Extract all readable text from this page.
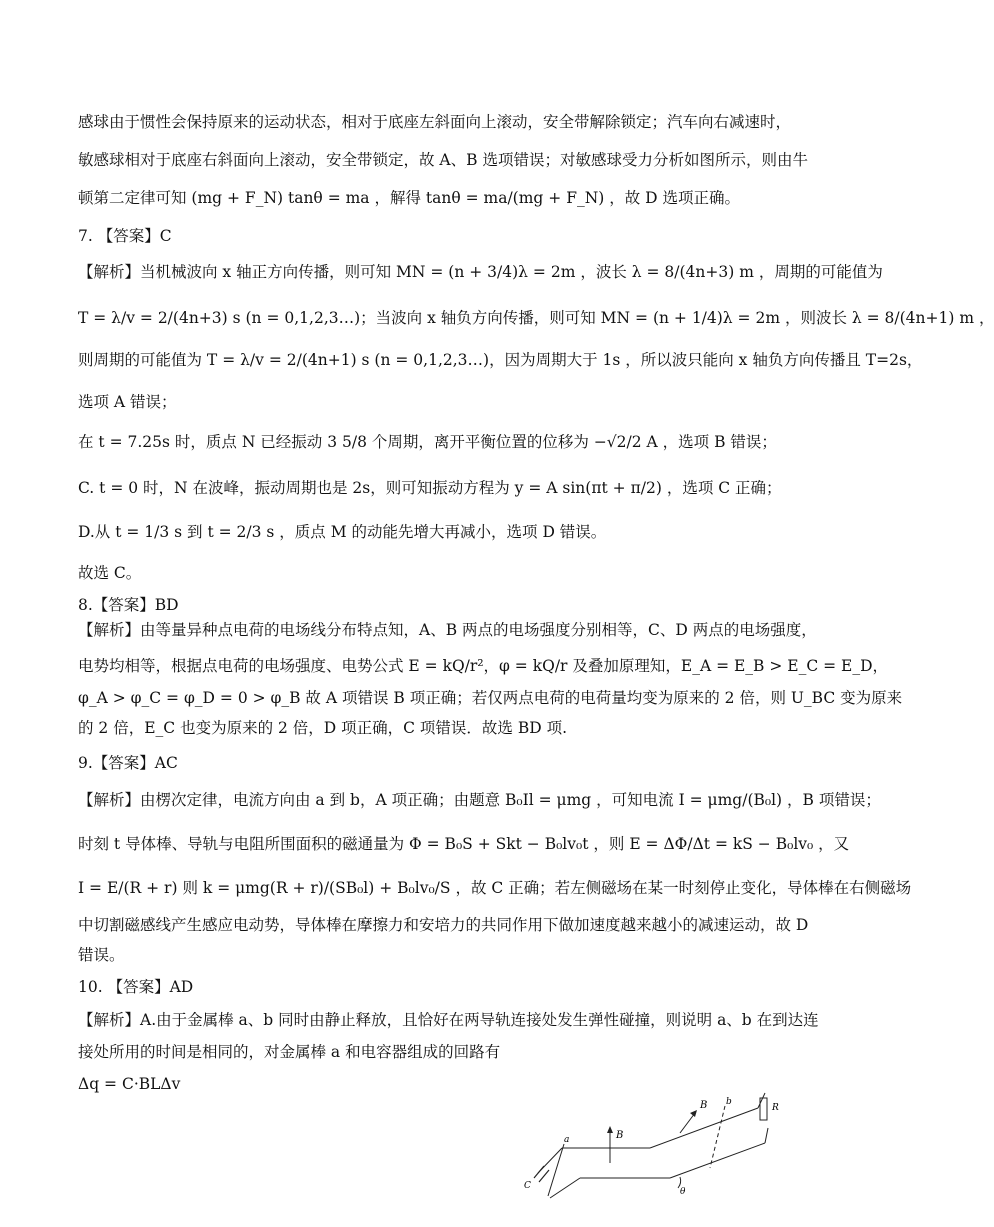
感球由于惯性会保持原来的运动状态，相对于底座左斜面向上滚动，安全带解除锁定；汽车向右减速时，
敏感球相对于底座右斜面向上滚动，安全带锁定，故 A、B 选项错误；对敏感球受力分析如图所示，则由牛
顿第二定律可知 (mg + F_N) tanθ = ma ，解得 tanθ = ma/(mg + F_N) ，故 D 选项正确。
7. 【答案】C
【解析】当机械波向 x 轴正方向传播，则可知 MN = (n + 3/4)λ = 2m ，波长 λ = 8/(4n+3) m ，周期的可能值为
T = λ/v = 2/(4n+3) s (n = 0,1,2,3…)；当波向 x 轴负方向传播，则可知 MN = (n + 1/4)λ = 2m ，则波长 λ = 8/(4n+1) m ，
则周期的可能值为 T = λ/v = 2/(4n+1) s (n = 0,1,2,3…)，因为周期大于 1s ，所以波只能向 x 轴负方向传播且 T=2s，
选项 A 错误；
在 t = 7.25s 时，质点 N 已经振动 3 5/8 个周期，离开平衡位置的位移为 −√2/2 A ，选项 B 错误；
C. t = 0 时，N 在波峰，振动周期也是 2s，则可知振动方程为 y = A sin(πt + π/2) ，选项 C 正确；
D.从 t = 1/3 s 到 t = 2/3 s ，质点 M 的动能先增大再减小，选项 D 错误。
故选 C。
8.【答案】BD
【解析】由等量异种点电荷的电场线分布特点知，A、B 两点的电场强度分别相等，C、D 两点的电场强度，
电势均相等，根据点电荷的电场强度、电势公式 E = kQ/r²，φ = kQ/r 及叠加原理知，E_A = E_B > E_C = E_D，
φ_A > φ_C = φ_D = 0 > φ_B 故 A 项错误 B 项正确；若仅两点电荷的电荷量均变为原来的 2 倍，则 U_BC 变为原来
的 2 倍，E_C 也变为原来的 2 倍，D 项正确，C 项错误．故选 BD 项.
9.【答案】AC
【解析】由楞次定律，电流方向由 a 到 b，A 项正确；由题意 B₀Il = μmg ，可知电流 I = μmg/(B₀l) ，B 项错误；
时刻 t 导体棒、导轨与电阻所围面积的磁通量为 Φ = B₀S + Skt − B₀lv₀t ，则 E = ΔΦ/Δt = kS − B₀lv₀ ，又
I = E/(R + r) 则 k = μmg(R + r)/(SB₀l) + B₀lv₀/S ，故 C 正确；若左侧磁场在某一时刻停止变化，导体棒在右侧磁场
中切割磁感线产生感应电动势，导体棒在摩擦力和安培力的共同作用下做加速度越来越小的减速运动，故 D
错误。
10. 【答案】AD
【解析】A.由于金属棒 a、b 同时由静止释放，且恰好在两导轨连接处发生弹性碰撞，则说明 a、b 在到达连
接处所用的时间是相同的，对金属棒 a 和电容器组成的回路有
Δq = C·BLΔv
B
B b
R
a
C
θ
